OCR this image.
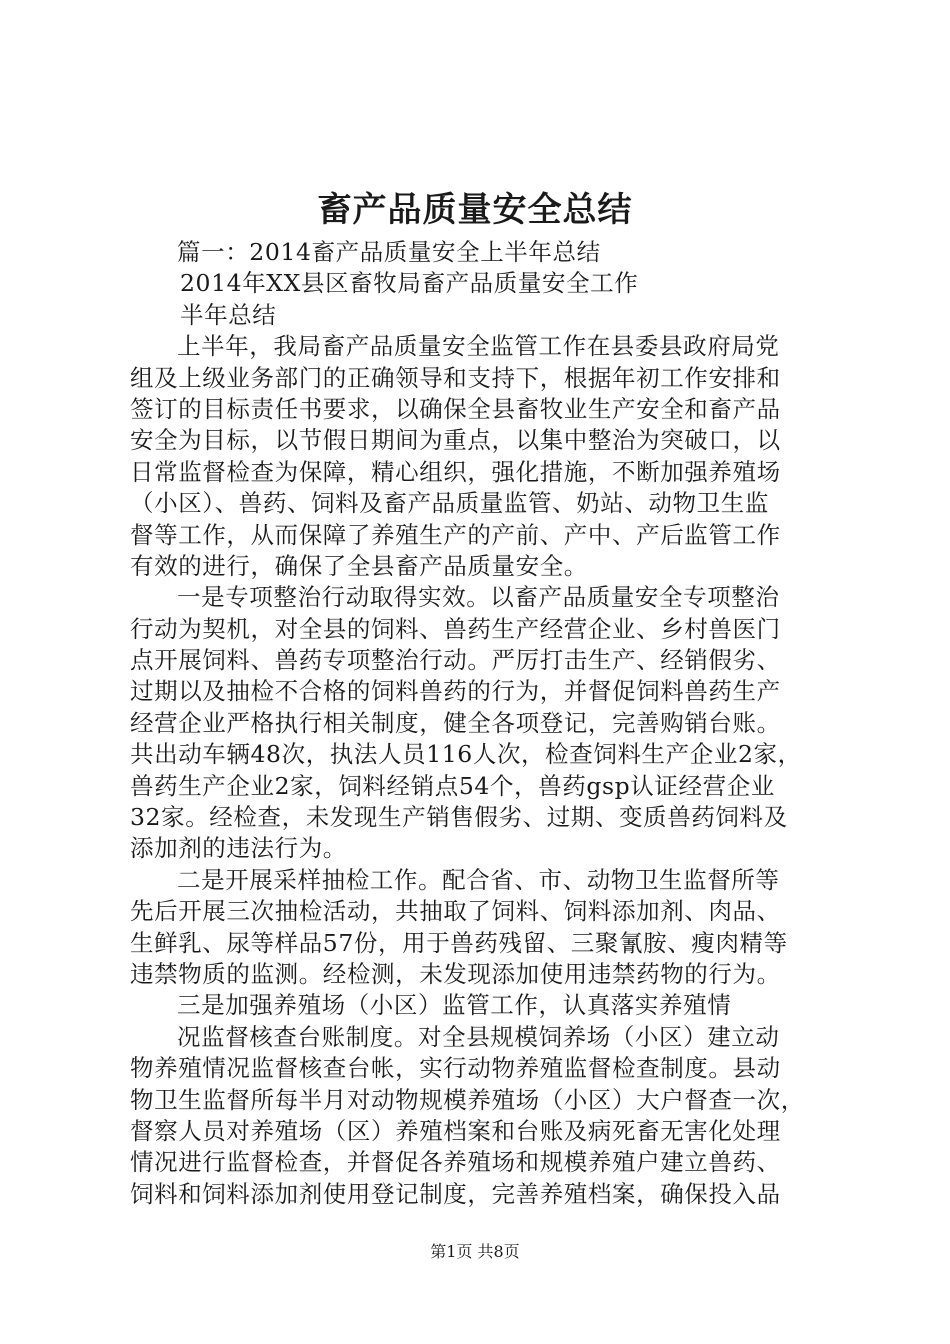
畜产品质量安全总结
篇一：2014畜产品质量安全上半年总结
2014年XX县区畜牧局畜产品质量安全工作
半年总结
上半年，我局畜产品质量安全监管工作在县委县政府局党
组及上级业务部门的正确领导和支持下，根据年初工作安排和
签订的目标责任书要求，以确保全县畜牧业生产安全和畜产品
安全为目标，以节假日期间为重点，以集中整治为突破口，以
日常监督检查为保障，精心组织，强化措施，不断加强养殖场
（小区）、兽药、饲料及畜产品质量监管、奶站、动物卫生监
督等工作，从而保障了养殖生产的产前、产中、产后监管工作
有效的进行，确保了全县畜产品质量安全。
一是专项整治行动取得实效。以畜产品质量安全专项整治
行动为契机，对全县的饲料、兽药生产经营企业、乡村兽医门
点开展饲料、兽药专项整治行动。严厉打击生产、经销假劣、
过期以及抽检不合格的饲料兽药的行为，并督促饲料兽药生产
经营企业严格执行相关制度，健全各项登记，完善购销台账。
共出动车辆48次，执法人员116人次，检查饲料生产企业2家，
兽药生产企业2家，饲料经销点54个，兽药gsp认证经营企业
32家。经检查，未发现生产销售假劣、过期、变质兽药饲料及
添加剂的违法行为。
二是开展采样抽检工作。配合省、市、动物卫生监督所等
先后开展三次抽检活动，共抽取了饲料、饲料添加剂、肉品、
生鲜乳、尿等样品57份，用于兽药残留、三聚氰胺、瘦肉精等
违禁物质的监测。经检测，未发现添加使用违禁药物的行为。
三是加强养殖场（小区）监管工作，认真落实养殖情
况监督核查台账制度。对全县规模饲养场（小区）建立动
物养殖情况监督核查台帐，实行动物养殖监督检查制度。县动
物卫生监督所每半月对动物规模养殖场（小区）大户督查一次，
督察人员对养殖场（区）养殖档案和台账及病死畜无害化处理
情况进行监督检查，并督促各养殖场和规模养殖户建立兽药、
饲料和饲料添加剂使用登记制度，完善养殖档案，确保投入品
第1页 共8页
